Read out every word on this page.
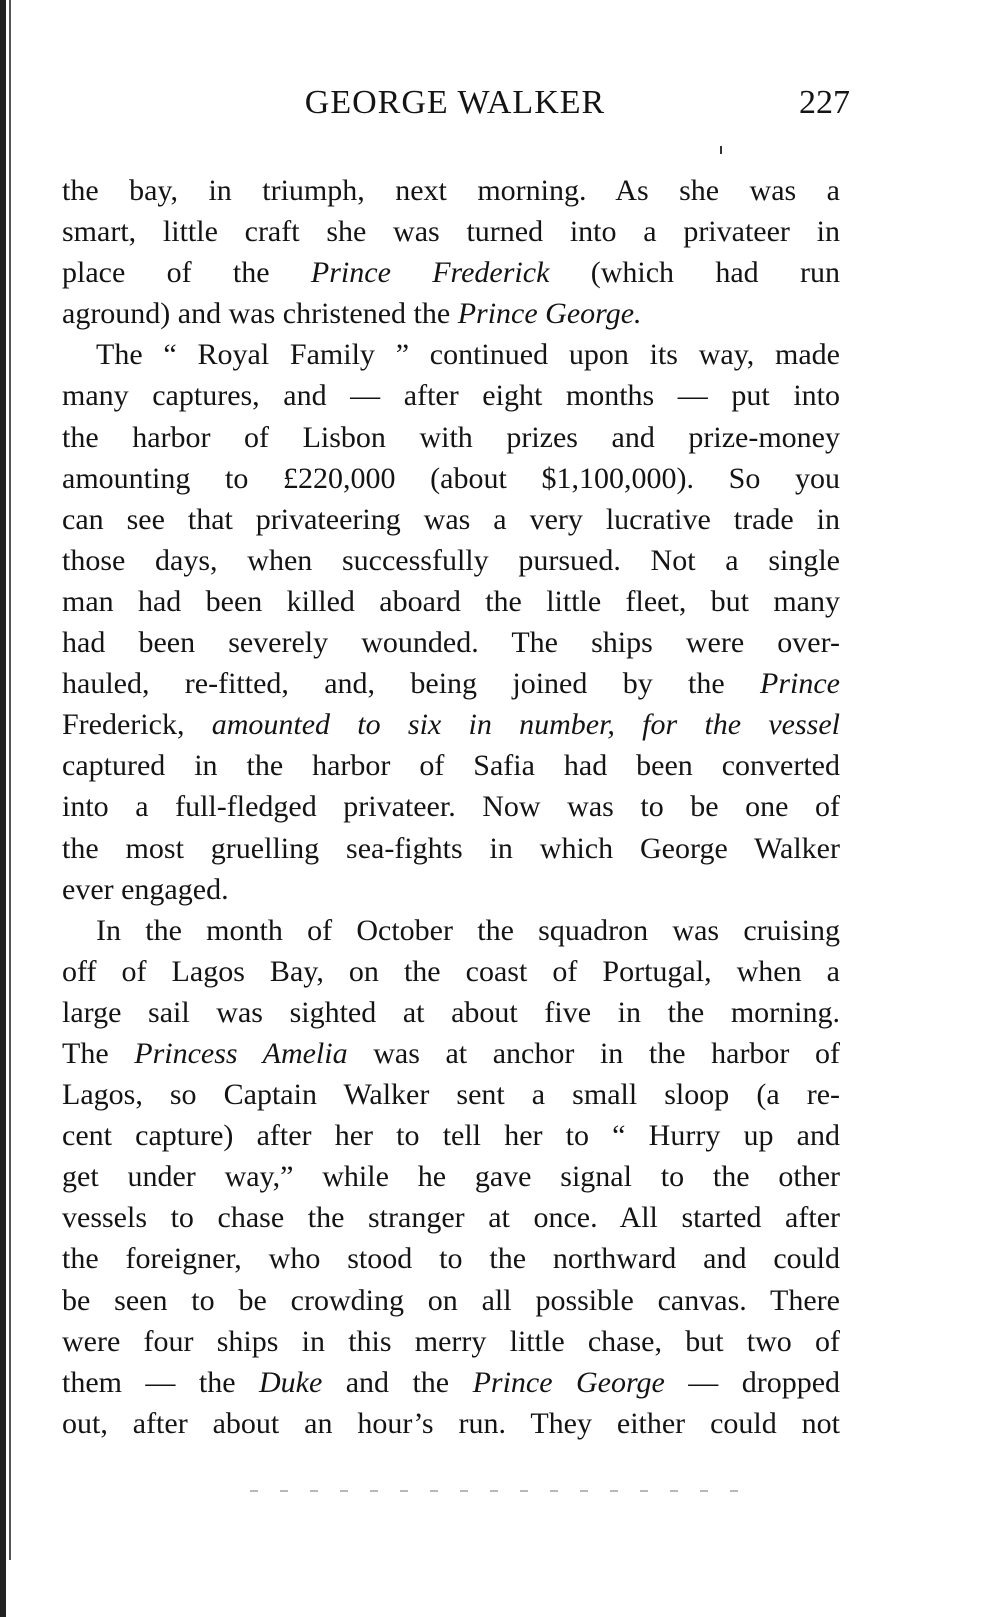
GEORGE WALKER	227

the bay, in triumph, next morning. As she was a
smart, little craft she was turned into a privateer in
place of the Prince Frederick (which had run
aground) and was christened the Prince George.

The “ Royal Family ” continued upon its way, made
many captures, and — after eight months — put into
the harbor of Lisbon with prizes and prize-money
amounting to £220,000 (about $1,100,000). So you
can see that privateering was a very lucrative trade in
those days, when successfully pursued. Not a single
man had been killed aboard the little fleet, but many
had been severely wounded. The ships were over-
hauled, re-fitted, and, being joined by the Prince
Frederick, amounted to six in number, for the vessel
captured in the harbor of Safia had been converted
into a full-fledged privateer. Now was to be one of
the most gruelling sea-fights in which George Walker
ever engaged.

In the month of October the squadron was cruising
off of Lagos Bay, on the coast of Portugal, when a
large sail was sighted at about five in the morning.
The Princess Amelia was at anchor in the harbor of
Lagos, so Captain Walker sent a small sloop (a re-
cent capture) after her to tell her to “ Hurry up and
get under way,” while he gave signal to the other
vessels to chase the stranger at once. All started after
the foreigner, who stood to the northward and could
be seen to be crowding on all possible canvas. There
were four ships in this merry little chase, but two of
them — the Duke and the Prince George — dropped
out, after about an hour’s run. They either could not
